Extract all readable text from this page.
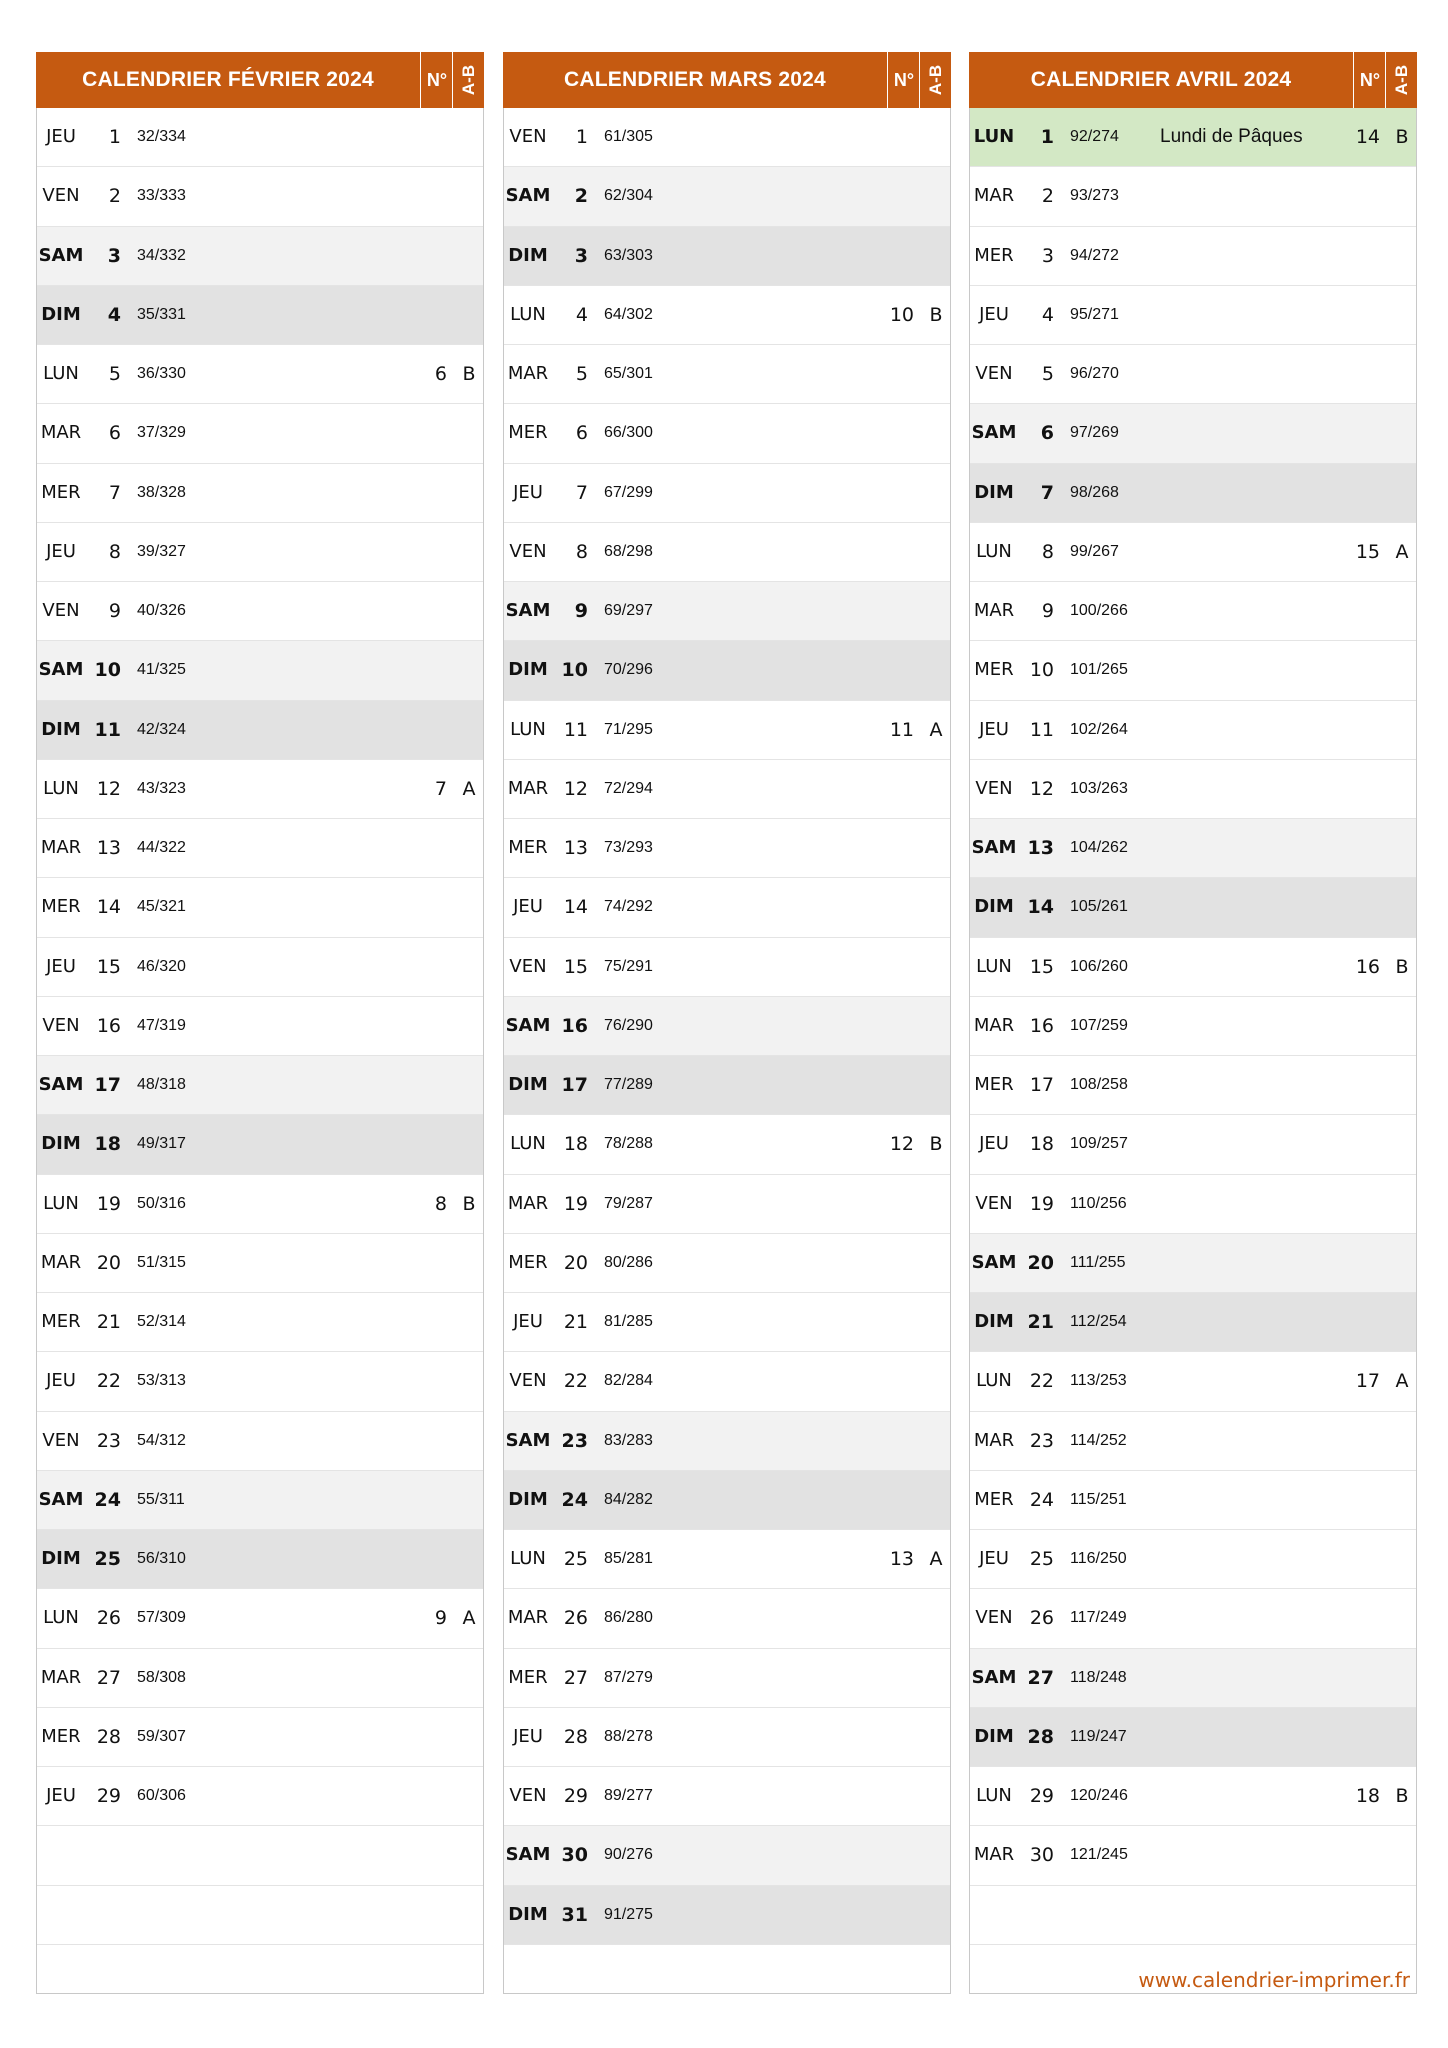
CALENDRIER FÉVRIER 2024	N° A-B
JEU	1 32/334
VEN	2 33/333
SAM	3 34/332
DIM	4 35/331
LUN	5 36/330	6 B
MAR	6 37/329
MER	7 38/328
JEU	8 39/327
VEN	9 40/326
SAM 10 41/325
DIM 11 42/324
LUN 12 43/323	7 A
MAR 13 44/322
MER 14 45/321
JEU	15 46/320
VEN 16 47/319
SAM 17 48/318
DIM 18 49/317
LUN 19 50/316	8 B
MAR 20 51/315
MER 21 52/314
JEU	22 53/313
VEN 23 54/312
SAM 24 55/311
DIM 25 56/310
LUN 26 57/309	9 A
MAR 27 58/308
MER 28 59/307
JEU	29 60/306
CALENDRIER MARS 2024	N° A-B
VEN	1 61/305
SAM	2 62/304
DIM	3 63/303
LUN	4 64/302	10 B
MAR	5 65/301
MER	6 66/300
JEU	7 67/299
VEN	8 68/298
SAM	9 69/297
DIM 10 70/296
LUN 11 71/295	11 A
MAR 12 72/294
MER 13 73/293
JEU	14 74/292
VEN 15 75/291
SAM 16 76/290
DIM 17 77/289
LUN 18 78/288	12 B
MAR 19 79/287
MER 20 80/286
JEU	21 81/285
VEN 22 82/284
SAM 23 83/283
DIM 24 84/282
LUN 25 85/281	13 A
MAR 26 86/280
MER 27 87/279
JEU	28 88/278
VEN 29 89/277
SAM 30 90/276
DIM 31 91/275
CALENDRIER AVRIL 2024	N° A-B
LUN	1 92/274 Lundi de Pâques	14 B
MAR	2 93/273
MER	3 94/272
JEU	4 95/271
VEN	5 96/270
SAM	6 97/269
DIM	7 98/268
LUN	8 99/267	15 A
MAR	9 100/266
MER 10 101/265
JEU	11 102/264
VEN 12 103/263
SAM 13 104/262
DIM 14 105/261
LUN 15 106/260	16 B
MAR 16 107/259
MER 17 108/258
JEU	18 109/257
VEN 19 110/256
SAM 20 111/255
DIM 21 112/254
LUN 22 113/253	17 A
MAR 23 114/252
MER 24 115/251
JEU	25 116/250
VEN 26 117/249
SAM 27 118/248
DIM 28 119/247
LUN 29 120/246	18 B
MAR 30 121/245
www.calendrier-imprimer.fr
